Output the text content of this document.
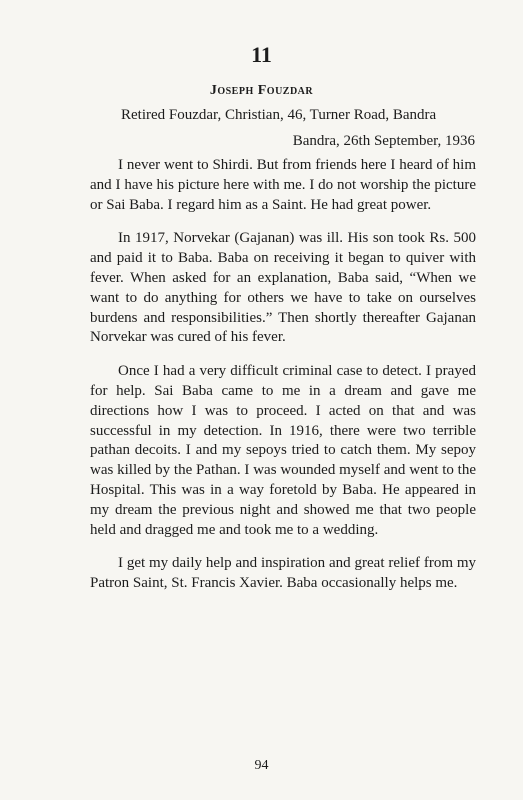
11
Joseph Fouzdar
Retired Fouzdar, Christian, 46, Turner Road, Bandra
Bandra, 26th September, 1936

I never went to Shirdi. But from friends here I heard of him and I have his picture here with me. I do not worship the picture or Sai Baba. I regard him as a Saint. He had great power.

In 1917, Norvekar (Gajanan) was ill. His son took Rs. 500 and paid it to Baba. Baba on receiving it began to quiver with fever. When asked for an explanation, Baba said, “When we want to do anything for others we have to take on ourselves burdens and responsibilities.” Then shortly thereafter Gajanan Norvekar was cured of his fever.

Once I had a very difficult criminal case to detect. I prayed for help. Sai Baba came to me in a dream and gave me directions how I was to proceed. I acted on that and was successful in my detection. In 1916, there were two terrible pathan decoits. I and my sepoys tried to catch them. My sepoy was killed by the Pathan. I was wounded myself and went to the Hospital. This was in a way foretold by Baba. He appeared in my dream the previous night and showed me that two people held and dragged me and took me to a wedding.

I get my daily help and inspiration and great relief from my Patron Saint, St. Francis Xavier. Baba occasionally helps me.

94
